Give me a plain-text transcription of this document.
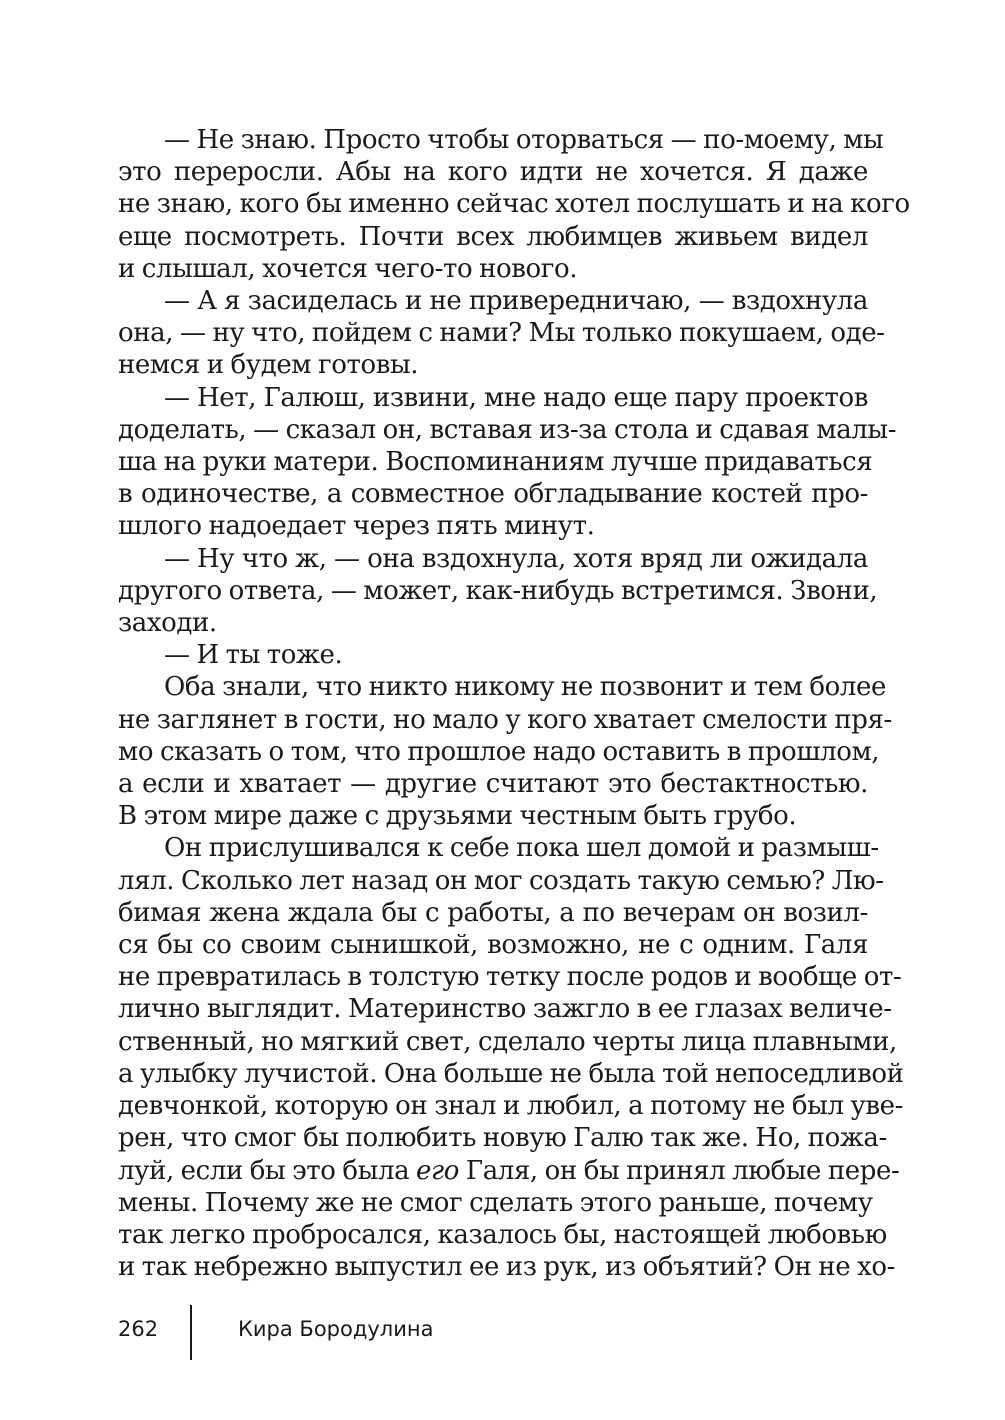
— Не знаю. Просто чтобы оторваться — по-моему, мы
это переросли. Абы на кого идти не хочется. Я даже
не знаю, кого бы именно сейчас хотел послушать и на кого
еще посмотреть. Почти всех любимцев живьем видел
и слышал, хочется чего-то нового.
— А я засиделась и не привередничаю, — вздохнула
она, — ну что, пойдем с нами? Мы только покушаем, оде-
немся и будем готовы.
— Нет, Галюш, извини, мне надо еще пару проектов
доделать, — сказал он, вставая из-за стола и сдавая малы-
ша на руки матери. Воспоминаниям лучше придаваться
в одиночестве, а совместное обгладывание костей про-
шлого надоедает через пять минут.
— Ну что ж, — она вздохнула, хотя вряд ли ожидала
другого ответа, — может, как-нибудь встретимся. Звони,
заходи.
— И ты тоже.
Оба знали, что никто никому не позвонит и тем более
не заглянет в гости, но мало у кого хватает смелости пря-
мо сказать о том, что прошлое надо оставить в прошлом,
а если и хватает — другие считают это бестактностью.
В этом мире даже с друзьями честным быть грубо.
Он прислушивался к себе пока шел домой и размыш-
лял. Сколько лет назад он мог создать такую семью? Лю-
бимая жена ждала бы с работы, а по вечерам он возил-
ся бы со своим сынишкой, возможно, не с одним. Галя
не превратилась в толстую тетку после родов и вообще от-
лично выглядит. Материнство зажгло в ее глазах величе-
ственный, но мягкий свет, сделало черты лица плавными,
а улыбку лучистой. Она больше не была той непоседливой
девчонкой, которую он знал и любил, а потому не был уве-
рен, что смог бы полюбить новую Галю так же. Но, пожа-
луй, если бы это была его Галя, он бы принял любые пере-
мены. Почему же не смог сделать этого раньше, почему
так легко пробросался, казалось бы, настоящей любовью
и так небрежно выпустил ее из рук, из объятий? Он не хо-
262	Кира Бородулина
